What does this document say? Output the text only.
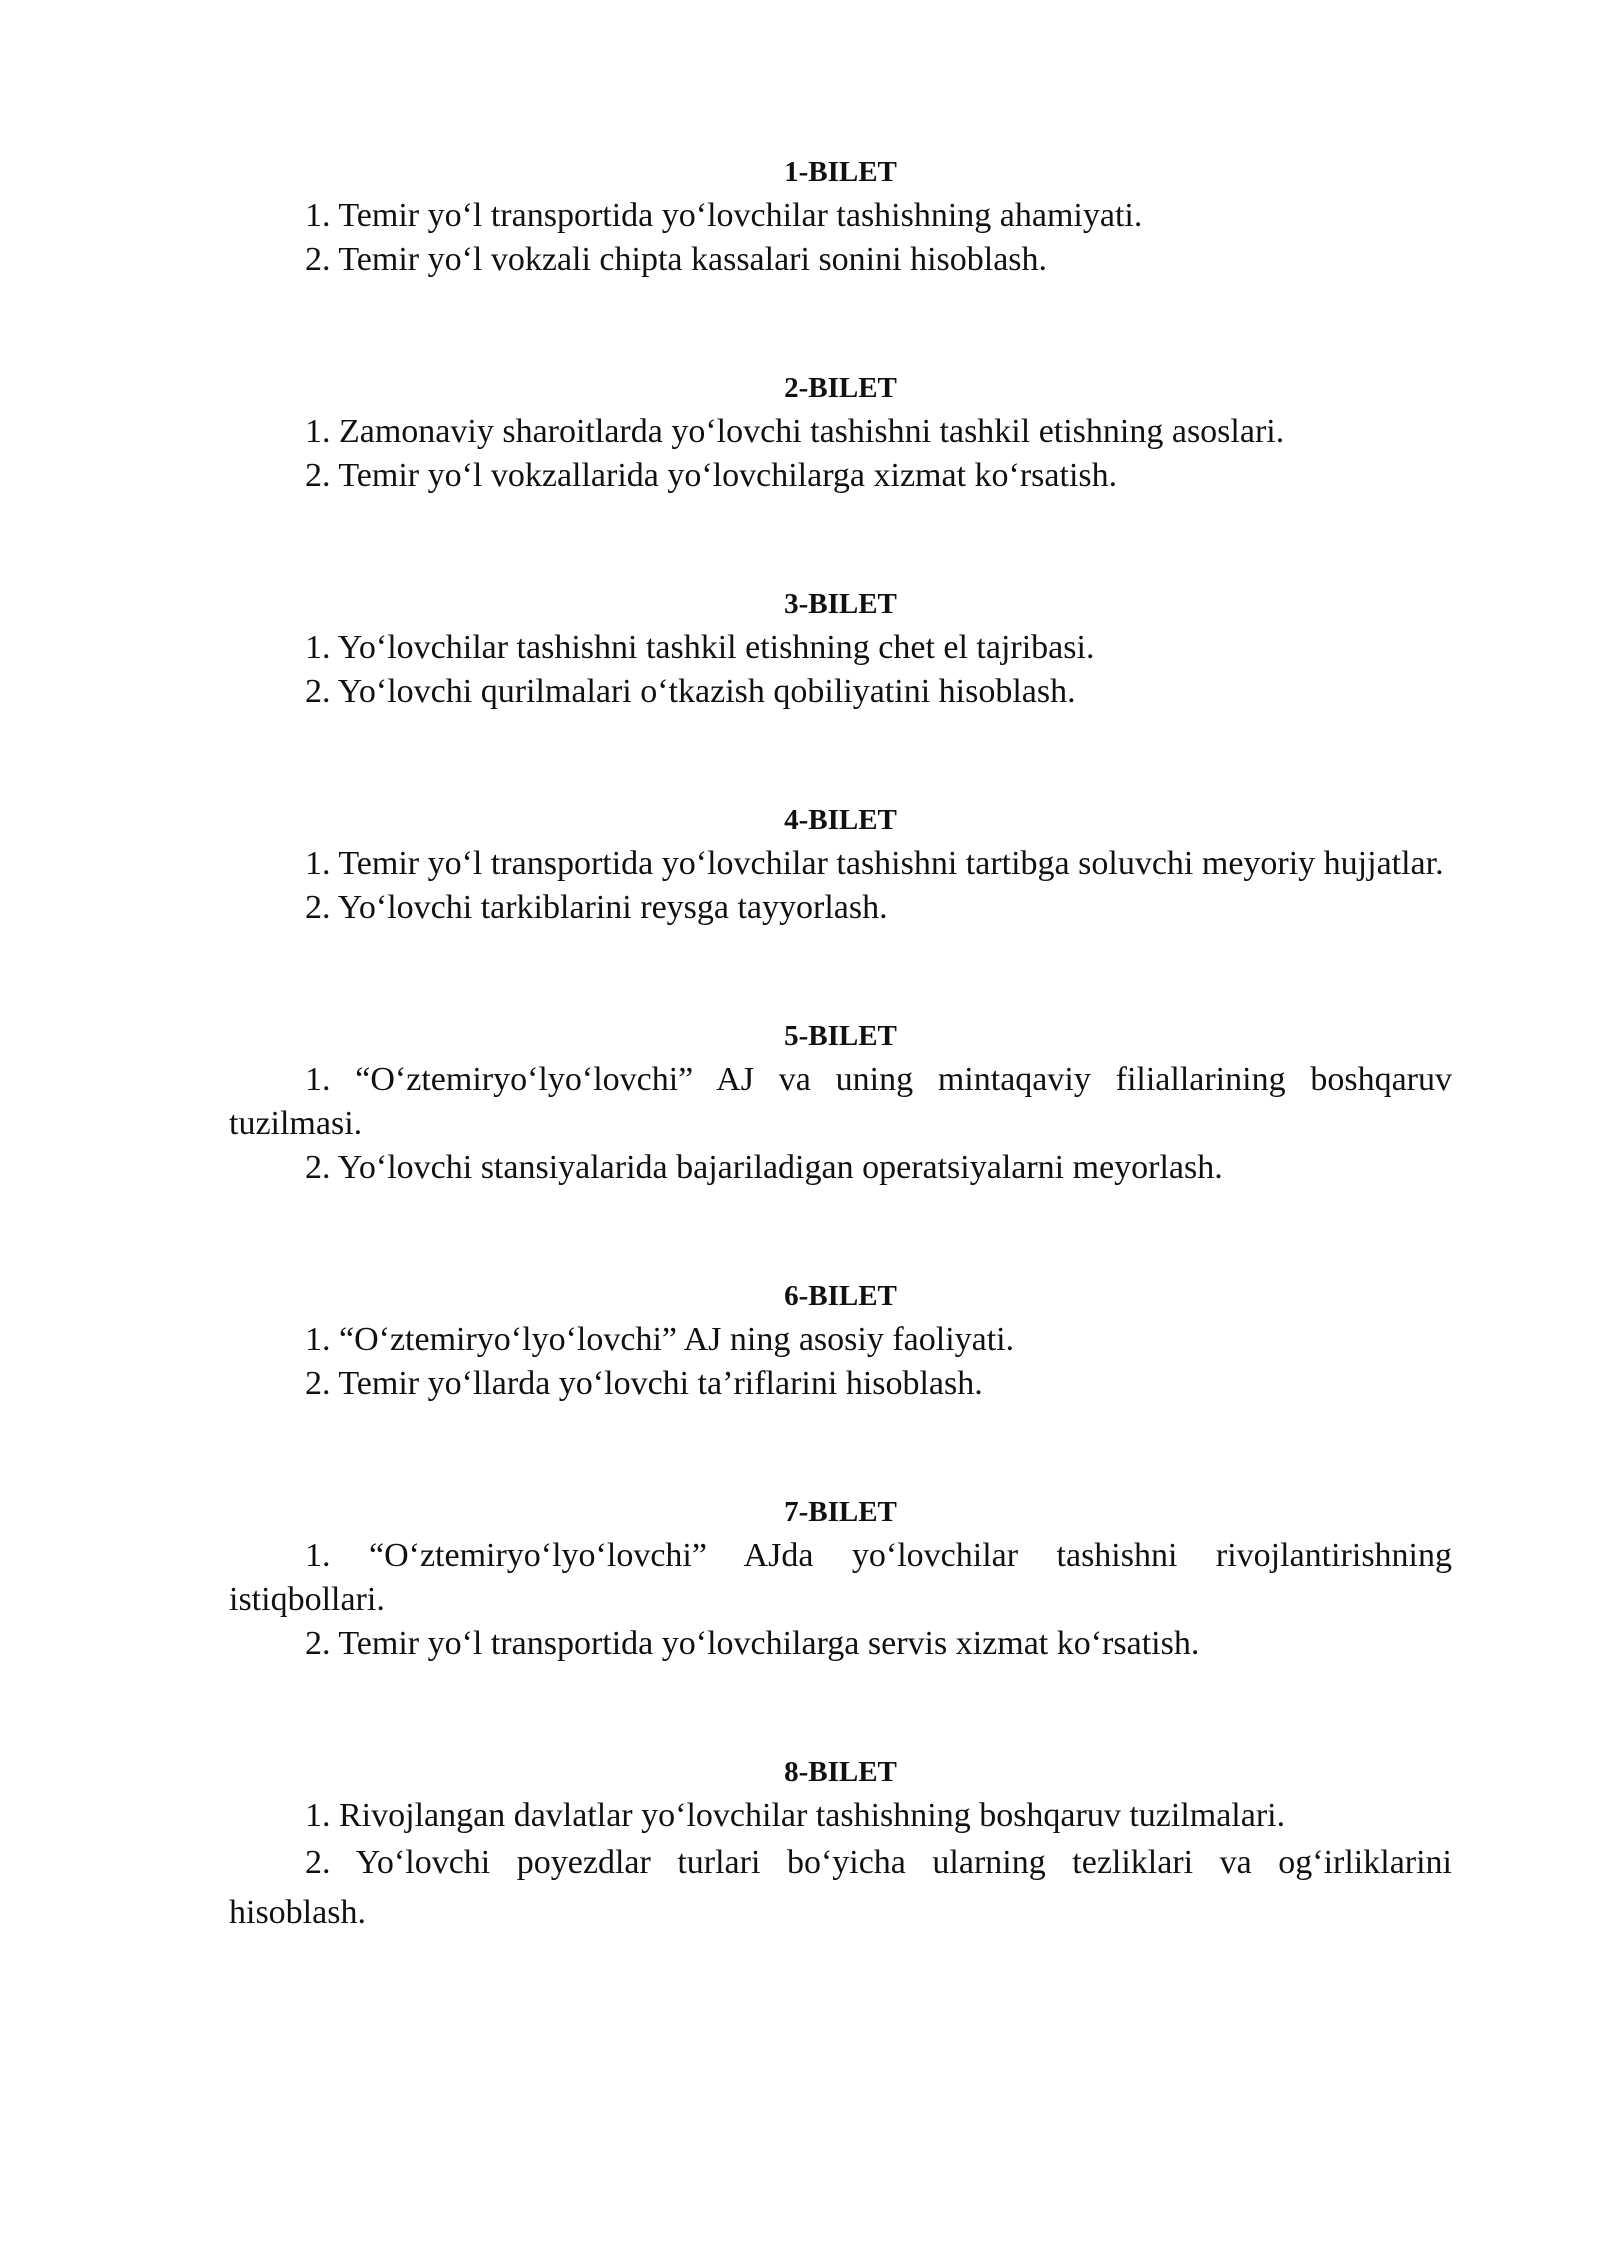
1-BILET

1. Temir yo‘l transportida yo‘lovchilar tashishning ahamiyati.

2. Temir yo‘l vokzali chipta kassalari sonini hisoblash.

2-BILET

1. Zamonaviy sharoitlarda yo‘lovchi tashishni tashkil etishning asoslari.

2. Temir yo‘l vokzallarida yo‘lovchilarga xizmat ko‘rsatish.

3-BILET

1. Yo‘lovchilar tashishni tashkil etishning chet el tajribasi.

2. Yo‘lovchi qurilmalari o‘tkazish qobiliyatini hisoblash.

4-BILET

1. Temir yo‘l transportida yo‘lovchilar tashishni tartibga soluvchi meyoriy hujjatlar.

2. Yo‘lovchi tarkiblarini reysga tayyorlash.

5-BILET

1. “O‘ztemiryo‘lyo‘lovchi” AJ va uning mintaqaviy filiallarining boshqaruv tuzilmasi.

2. Yo‘lovchi stansiyalarida bajariladigan operatsiyalarni meyorlash.

6-BILET

1. “O‘ztemiryo‘lyo‘lovchi” AJ ning asosiy faoliyati.

2. Temir yo‘llarda yo‘lovchi ta’riflarini hisoblash.

7-BILET

1. “O‘ztemiryo‘lyo‘lovchi” AJda yo‘lovchilar tashishni rivojlantirishning istiqbollari.

2. Temir yo‘l transportida yo‘lovchilarga servis xizmat ko‘rsatish.

8-BILET

1. Rivojlangan davlatlar yo‘lovchilar tashishning boshqaruv tuzilmalari.

2. Yo‘lovchi poyezdlar turlari bo‘yicha ularning tezliklari va og‘irliklarini hisoblash.
